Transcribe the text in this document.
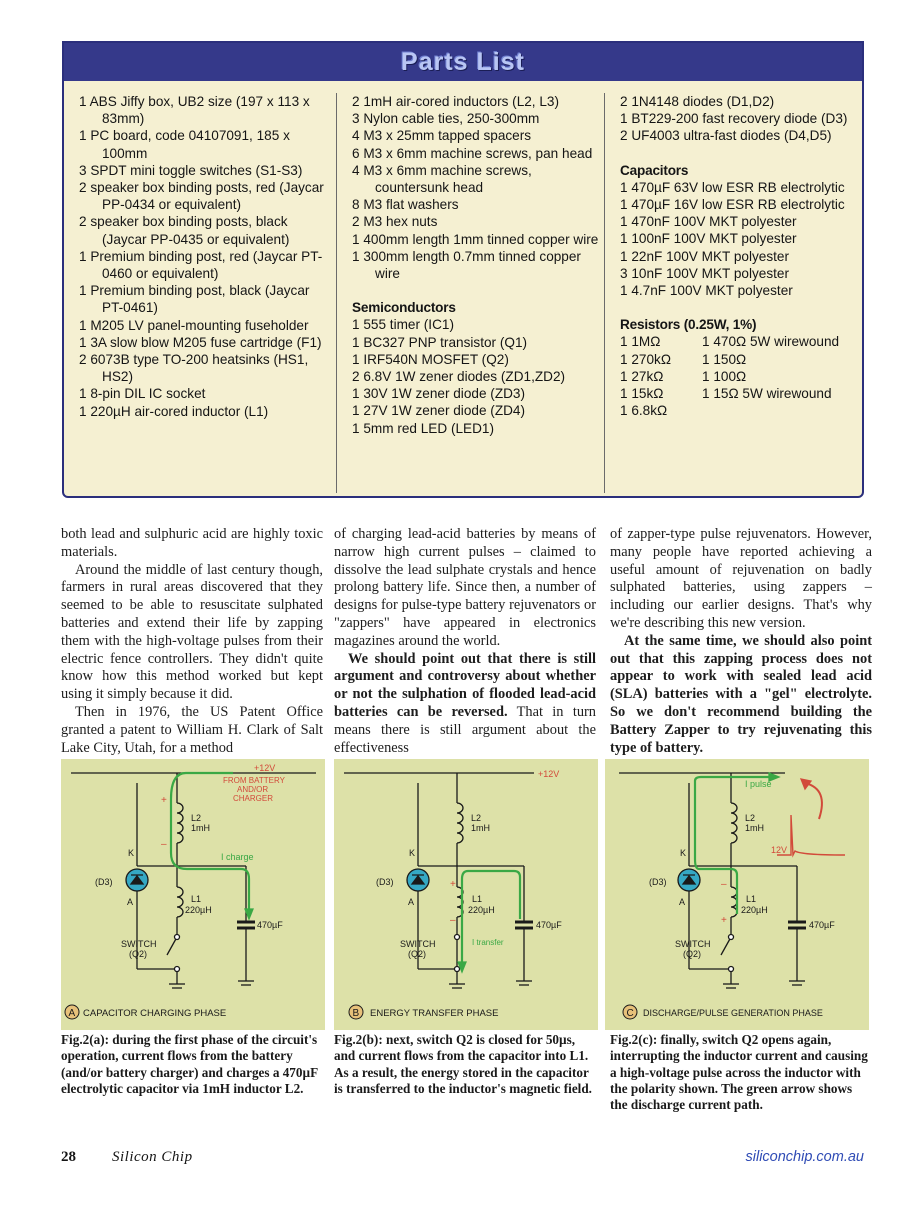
Parts List
1 ABS Jiffy box, UB2 size (197 x 113 x 83mm)
1 PC board, code 04107091, 185 x 100mm
3 SPDT mini toggle switches (S1-S3)
2 speaker box binding posts, red (Jaycar PP-0434 or equivalent)
2 speaker box binding posts, black (Jaycar PP-0435 or equivalent)
1 Premium binding post, red (Jaycar PT-0460 or equivalent)
1 Premium binding post, black (Jaycar PT-0461)
1 M205 LV panel-mounting fuseholder
1 3A slow blow M205 fuse cartridge (F1)
2 6073B type TO-200 heatsinks (HS1, HS2)
1 8-pin DIL IC socket
1 220µH air-cored inductor (L1)
2 1mH air-cored inductors (L2, L3)
3 Nylon cable ties, 250-300mm
4 M3 x 25mm tapped spacers
6 M3 x 6mm machine screws, pan head
4 M3 x 6mm machine screws, countersunk head
8 M3 flat washers
2 M3 hex nuts
1 400mm length 1mm tinned copper wire
1 300mm length 0.7mm tinned copper wire
Semiconductors
1 555 timer (IC1)
1 BC327 PNP transistor (Q1)
1 IRF540N MOSFET (Q2)
2 6.8V 1W zener diodes (ZD1,ZD2)
1 30V 1W zener diode (ZD3)
1 27V 1W zener diode (ZD4)
1 5mm red LED (LED1)
2 1N4148 diodes (D1,D2)
1 BT229-200 fast recovery diode (D3)
2 UF4003 ultra-fast diodes (D4,D5)
Capacitors
1 470µF 63V low ESR RB electrolytic
1 470µF 16V low ESR RB electrolytic
1 470nF 100V MKT polyester
1 100nF 100V MKT polyester
1 22nF 100V MKT polyester
3 10nF 100V MKT polyester
1 4.7nF 100V MKT polyester
Resistors (0.25W, 1%)
1 1MΩ	1 470Ω 5W wirewound
1 270kΩ	1 150Ω
1 27kΩ	1 100Ω
1 15kΩ	1 15Ω 5W wirewound
1 6.8kΩ

both lead and sulphuric acid are highly toxic materials.

Around the middle of last century though, farmers in rural areas discovered that they seemed to be able to resuscitate sulphated batteries and extend their life by zapping them with the high-voltage pulses from their electric fence controllers. They didn't quite know how this method worked but kept using it simply because it did.

Then in 1976, the US Patent Office granted a patent to William H. Clark of Salt Lake City, Utah, for a method

of charging lead-acid batteries by means of narrow high current pulses – claimed to dissolve the lead sulphate crystals and hence prolong battery life. Since then, a number of designs for pulse-type battery rejuvenators or "zappers" have appeared in electronics magazines around the world.

We should point out that there is still argument and controversy about whether or not the sulphation of flooded lead-acid batteries can be reversed. That in turn means there is still argument about the effectiveness

of zapper-type pulse rejuvenators. However, many people have reported achieving a useful amount of rejuvenation on badly sulphated batteries, using zappers – including our earlier designs. That's why we're describing this new version.

At the same time, we should also point out that this zapping process does not appear to work with sealed lead acid (SLA) batteries with a "gel" electrolyte. So we don't recommend building the Battery Zapper to try rejuvenating this type of battery.

+12V
FROM BATTERY
AND/OR
CHARGER
L2
1mH
+
–
I charge
K
A
(D3)
L1
220µH
470µF
SWITCH
(Q2)
A CAPACITOR CHARGING PHASE
Fig.2(a): during the first phase of the circuit's operation, current flows from the battery (and/or battery charger) and charges a 470µF electrolytic capacitor via 1mH inductor L2.
+12V
L2
1mH
+
–
K
A
(D3)
L1
220µH
470µF
I transfer
SWITCH
(Q2)
B ENERGY TRANSFER PHASE
Fig.2(b): next, switch Q2 is closed for 50µs, and current flows from the capacitor into L1. As a result, the energy stored in the capacitor is transferred to the inductor's magnetic field.
I pulse
L2
1mH
12V
–
+
K
A
(D3)
L1
220µH
470µF
SWITCH
(Q2)
C DISCHARGE/PULSE GENERATION PHASE
Fig.2(c): finally, switch Q2 opens again, interrupting the inductor current and causing a high-voltage pulse across the inductor with the polarity shown. The green arrow shows the discharge current path.
28 Silicon Chip	siliconchip.com.au
